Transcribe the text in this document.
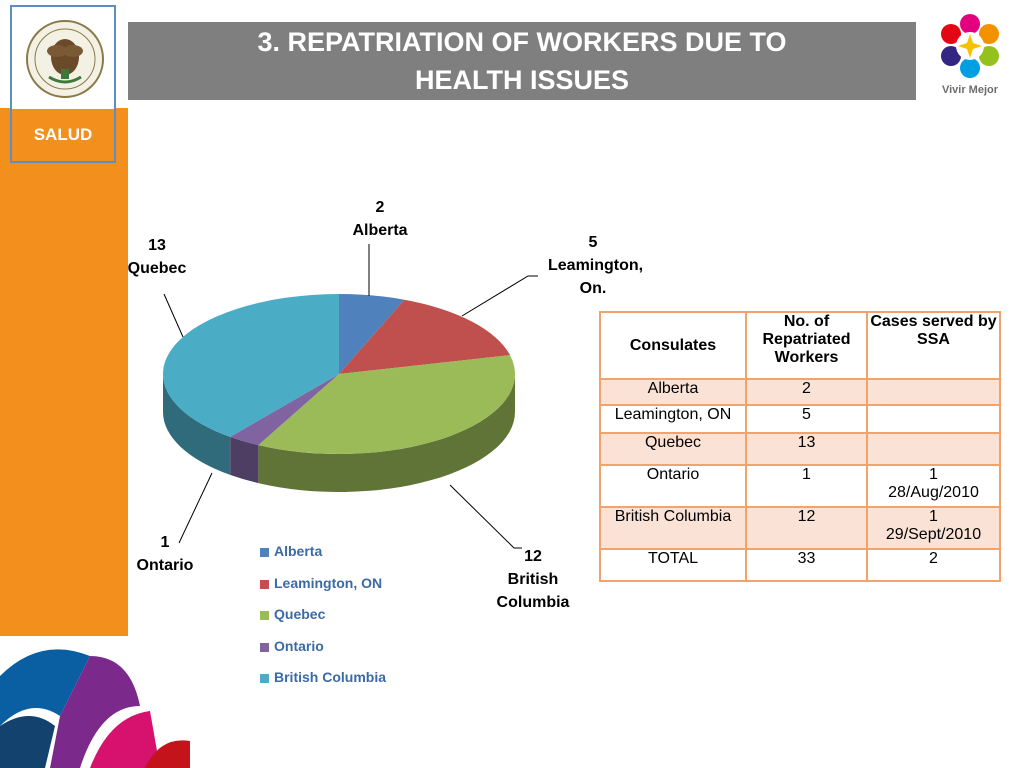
SALUD
3. REPATRIATION OF WORKERS DUE TO
HEALTH ISSUES	Vivir Mejor
2
Alberta
5
Leamington, On.
12
British Columbia
1
Ontario
13
Quebec
Alberta
Leamington, ON
Quebec
Ontario
British Columbia
Consulates	No. of Repatriated Workers	Cases served by SSA
Alberta	2	

Leamington, ON	5	

Quebec	13	

Ontario	1	1
28/Aug/2010

British Columbia	12	1
29/Sept/2010

TOTAL	33	2
